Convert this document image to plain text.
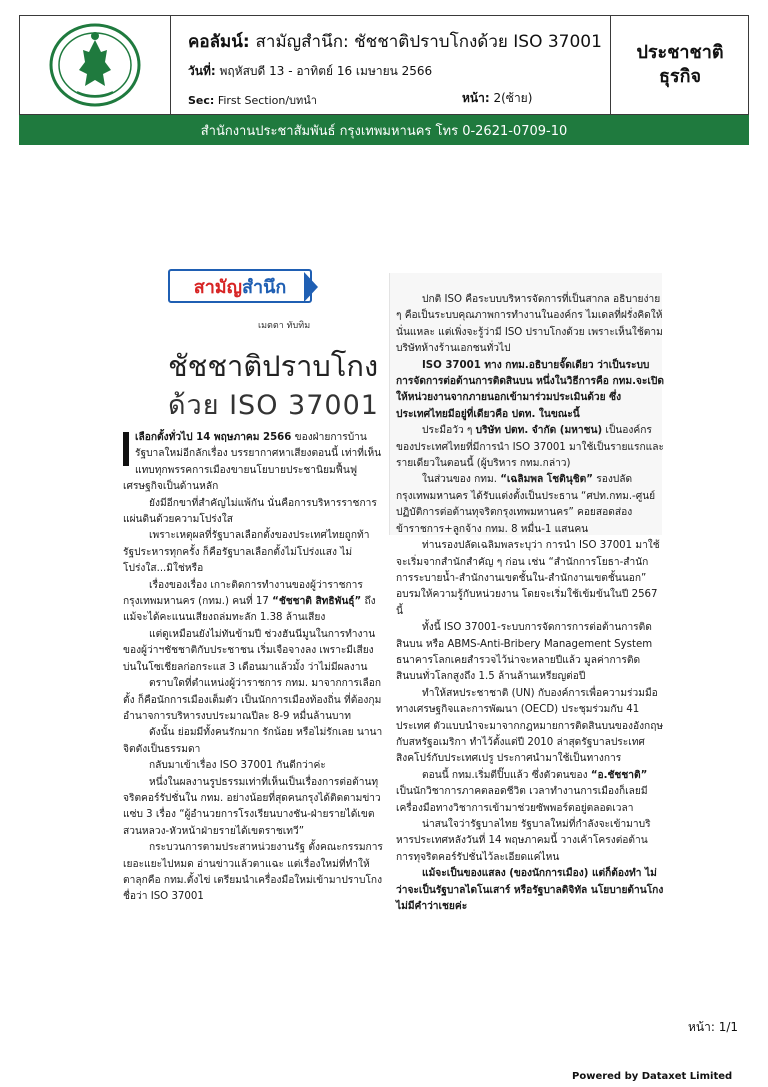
คอลัมน์: สามัญสำนึก: ชัชชาติปราบโกงด้วย ISO 37001
วันที่: พฤหัสบดี 13 - อาทิตย์ 16 เมษายน 2566
Sec: First Section/บทนำ	หน้า: 2(ซ้าย)
ประชาชาติ
ธุรกิจ
สำนักงานประชาสัมพันธ์ กรุงเทพมหานคร โทร 0-2621-0709-10
สามัญ สำนึก
เมตตา ทับทิม
ชัชชาติปราบโกง
ด้วย ISO 37001

เลือกตั้งทั่วไป 14 พฤษภาคม 2566 ของฝ่ายการบ้านรัฐบาลใหม่อีกลักเรื่อง บรรยากาศหาเสียงตอนนี้ เท่าที่เห็นแทบทุกพรรคการเมืองขายนโยบายประชานิยมฟื้นฟูเศรษฐกิจเป็นด้านหลัก

ยังมีอีกขาที่สำคัญไม่แพ้กัน นั่นคือการบริหารราชการแผ่นดินด้วยความโปร่งใส

เพราะเหตุผลที่รัฐบาลเลือกตั้งของประเทศไทยถูกท้ารัฐประหารทุกครั้ง ก็คือรัฐบาลเลือกตั้งไม่โปร่งแสง ไม่โปร่งใส...มิใช่หรือ

เรื่องของเรื่อง เกาะติดการทำงานของผู้ว่าราชการกรุงเทพมหานคร (กทม.) คนที่ 17 “ชัชชาติ สิทธิพันธุ์” ถึงแม้จะได้คะแนนเสียงถล่มทะลัก 1.38 ล้านเสียง

แต่ดูเหมือนยังไม่ทันข้ามปี ช่วงฮันนีมูนในการทำงานของผู้ว่าฯชัชชาติกับประชาชน เริ่มเจือจางลง เพราะมีเสียงบ่นในโซเชียลก่อกระแส 3 เดือนมาแล้วมั้ง ว่าไม่มีผลงาน

ตราบใดที่ตำแหน่งผู้ว่าราชการ กทม. มาจากการเลือกตั้ง ก็คือนักการเมืองเต็มตัว เป็นนักการเมืองท้องถิ่น ที่ต้องกุมอำนาจการบริหารงบประมาณปีละ 8-9 หมื่นล้านบาท

ดังนั้น ย่อมมีทั้งคนรักมาก รักน้อย หรือไม่รักเลย นานาจิตตังเป็นธรรมดา

กลับมาเข้าเรื่อง ISO 37001 กันดีกว่าค่ะ

หนึ่งในผลงานรูปธรรมเท่าที่เห็นเป็นเรื่องการต่อต้านทุจริตคอร์รัปชั่นใน กทม. อย่างน้อยที่สุดคนกรุงได้ติดตามข่าวแซ่บ 3 เรื่อง “ผู้อำนวยการโรงเรียนบางชัน-ฝ่ายรายได้เขตสวนหลวง-หัวหน้าฝ่ายรายได้เขตราชเทวี”

กระบวนการตามประสาหน่วยงานรัฐ ตั้งคณะกรรมการเยอะแยะไปหมด อ่านข่าวแล้วตาแฉะ แต่เรื่องใหม่ที่ทำให้ตาลุกคือ กทม.ตั้งไข่ เตรียมนำเครื่องมือใหม่เข้ามาปราบโกงชื่อว่า ISO 37001

ปกติ ISO คือระบบบริหารจัดการที่เป็นสากล อธิบายง่าย ๆ คือเป็นระบบคุณภาพการทำงานในองค์กร ไมเดลที่ฝรั่งคิดให้นั่นแหละ แต่เพิ่งจะรู้ว่ามี ISO ปราบโกงด้วย เพราะเห็นใช้ตามบริษัทห้างร้านเอกชนทั่วไป

ISO 37001 ทาง กทม.อธิบายจั๊ดเดียว ว่าเป็นระบบการจัดการต่อต้านการติดสินบน หนึ่งในวิธีการคือ กทม.จะเปิดให้หน่วยงานจากภายนอกเข้ามาร่วมประเมินด้วย ซึ่งประเทศไทยมีอยู่ที่เดียวคือ ปตท. ในขณะนี้

ประมือวัว ๆ บริษัท ปตท. จำกัด (มหาชน) เป็นองค์กรของประเทศไทยที่มีการนำ ISO 37001 มาใช้เป็นรายแรกและรายเดียวในตอนนี้ (ผู้บริหาร กทม.กล่าว)

ในส่วนของ กทม. “เฉลิมพล โชตินุชิต” รองปลัดกรุงเทพมหานคร ได้รับแต่งตั้งเป็นประธาน “ศปท.กทม.-ศูนย์ปฏิบัติการต่อต้านทุจริตกรุงเทพมหานคร” คอยสอดส่องข้าราชการ+ลูกจ้าง กทม. 8 หมื่น-1 แสนคน

ท่านรองปลัดเฉลิมพลระบุว่า การนำ ISO 37001 มาใช้จะเริ่มจากสำนักสำคัญ ๆ ก่อน เช่น “สำนักการโยธา-สำนักการระบายน้ำ-สำนักงานเขตชั้นใน-สำนักงานเขตชั้นนอก” อบรมให้ความรู้กับหน่วยงาน โดยจะเริ่มใช้เข้มข้นในปี 2567 นี้

ทั้งนี้ ISO 37001-ระบบการจัดการการต่อต้านการติดสินบน หรือ ABMS-Anti-Bribery Management System ธนาคารโลกเคยสำรวจไว้น่าจะหลายปีแล้ว มูลค่าการติดสินบนทั่วโลกสูงถึง 1.5 ล้านล้านเหรียญต่อปี

ทำให้สหประชาชาติ (UN) กับองค์การเพื่อความร่วมมือทางเศรษฐกิจและการพัฒนา (OECD) ประชุมร่วมกับ 41 ประเทศ ตัวแบบนำจะมาจากกฎหมายการติดสินบนของอังกฤษกับสหรัฐอเมริกา ทำไว้ตั้งแต่ปี 2010 ล่าสุดรัฐบาลประเทศสิงคโปร์กับประเทศเปรู ประกาศนำมาใช้เป็นทางการ

ตอนนี้ กทม.เริ่มตีปิ๊บแล้ว ซึ่งตัวตนของ “อ.ชัชชาติ” เป็นนักวิชาการภาคตลอดชีวิต เวลาทำงานการเมืองก็เลยมีเครื่องมือทางวิชาการเข้ามาช่วยซัพพอร์ตอยู่ตลอดเวลา

น่าสนใจว่ารัฐบาลไทย รัฐบาลใหม่ที่กำลังจะเข้ามาบริหารประเทศหลังวันที่ 14 พฤษภาคมนี้ วางเค้าโครงต่อต้านการทุจริตคอร์รัปชั่นไว้ละเอียดแค่ไหน

แม้จะเป็นของแสลง (ของนักการเมือง) แต่ก็ต้องทำ ไม่ว่าจะเป็นรัฐบาลไดโนเสาร์ หรือรัฐบาลดิจิทัล นโยบายต้านโกงไม่มีคำว่าเชยค่ะ

หน้า: 1/1
Powered by Dataxet Limited
